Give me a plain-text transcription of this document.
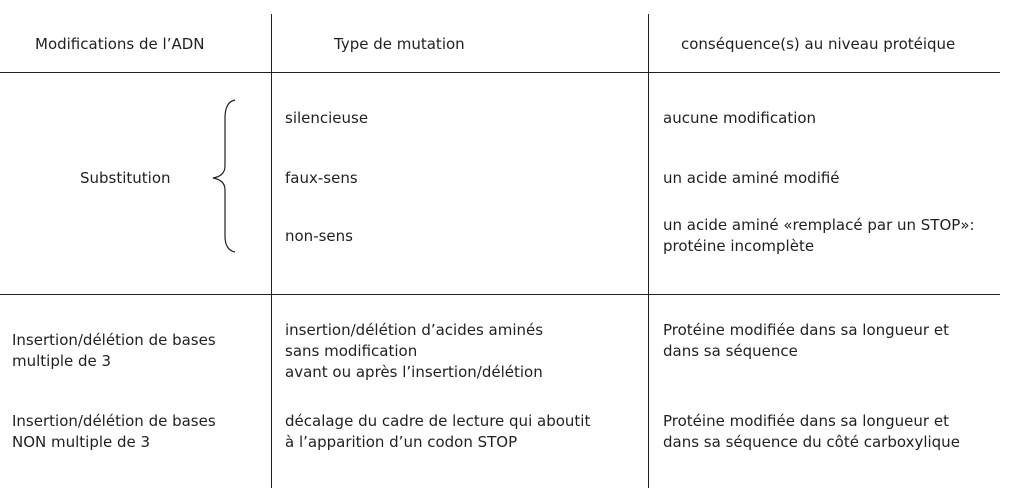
Modifications de l’ADN	Type de mutation	conséquence(s) au niveau protéique
Substitution
silencieuse
faux-sens
non-sens
aucune modification
un acide aminé modifié
un acide aminé «remplacé par un STOP»:
protéine incomplète
Insertion/délétion de bases
multiple de 3
insertion/délétion d’acides aminés
sans modification
avant ou après l’insertion/délétion
Protéine modifiée dans sa longueur et
dans sa séquence
Insertion/délétion de bases
NON multiple de 3
décalage du cadre de lecture qui aboutit
à l’apparition d’un codon STOP
Protéine modifiée dans sa longueur et
dans sa séquence du côté carboxylique
